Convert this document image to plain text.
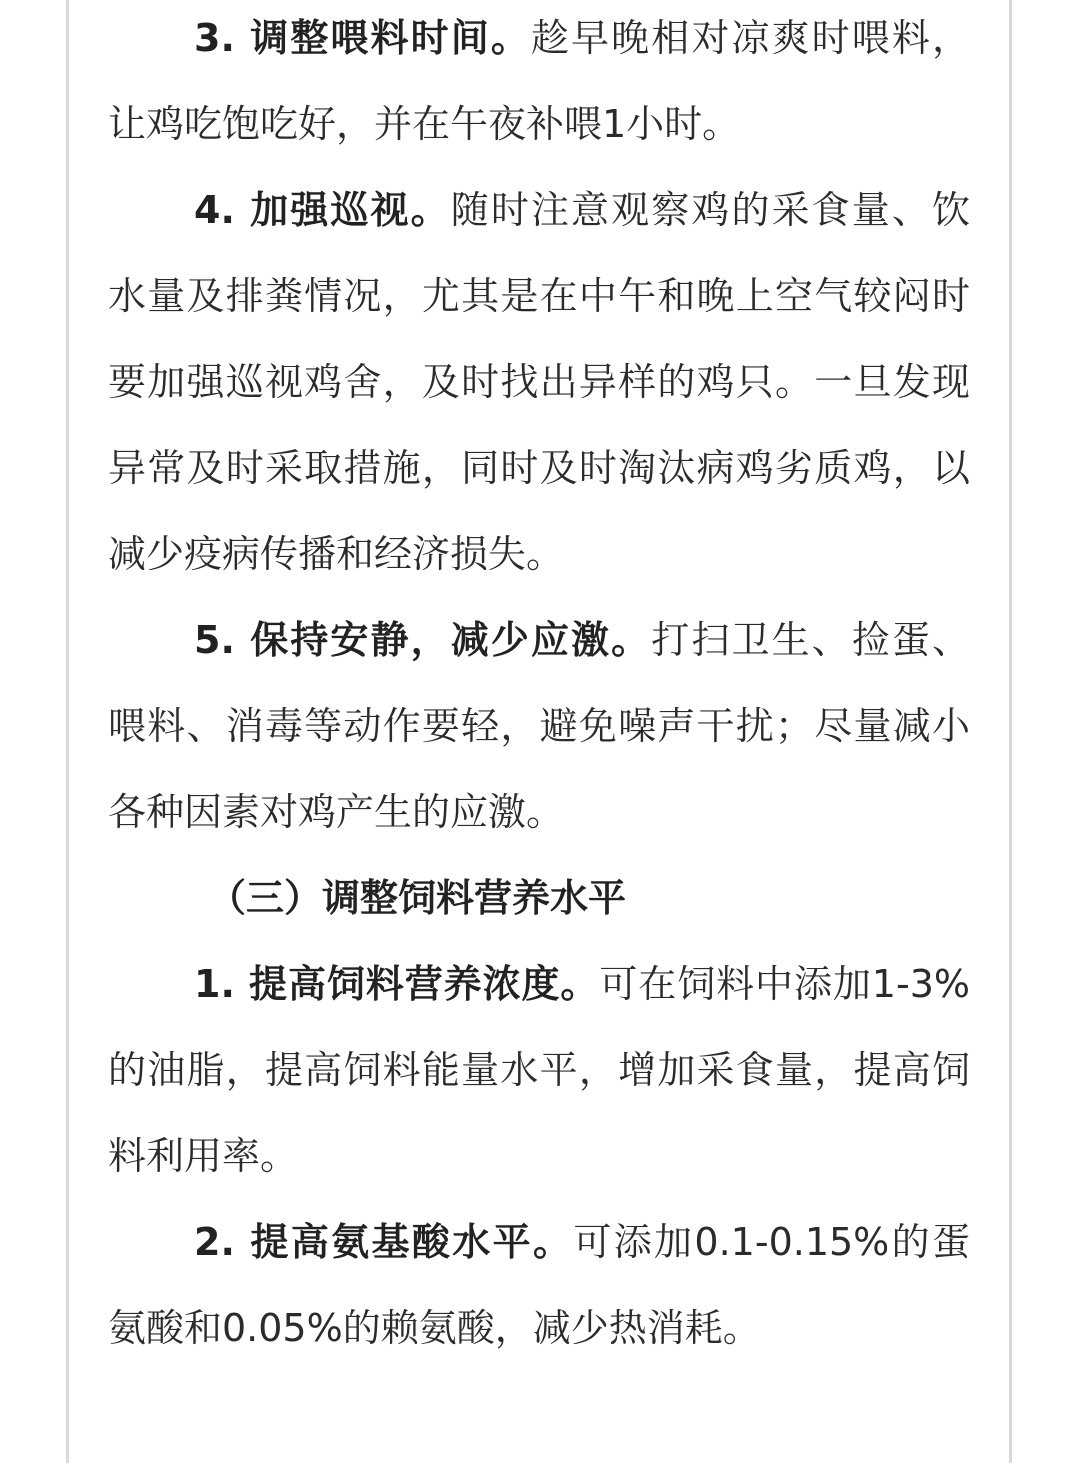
3. 调整喂料时间。趁早晚相对凉爽时喂料，让鸡吃饱吃好，并在午夜补喂1小时。

4. 加强巡视。随时注意观察鸡的采食量、饮水量及排粪情况，尤其是在中午和晚上空气较闷时要加强巡视鸡舍，及时找出异样的鸡只。一旦发现异常及时采取措施，同时及时淘汰病鸡劣质鸡，以减少疫病传播和经济损失。

5. 保持安静，减少应激。打扫卫生、捡蛋、喂料、消毒等动作要轻，避免噪声干扰；尽量减小各种因素对鸡产生的应激。

（三）调整饲料营养水平

1. 提高饲料营养浓度。可在饲料中添加1-3%的油脂，提高饲料能量水平，增加采食量，提高饲料利用率。

2. 提高氨基酸水平。可添加0.1-0.15%的蛋氨酸和0.05%的赖氨酸，减少热消耗。
